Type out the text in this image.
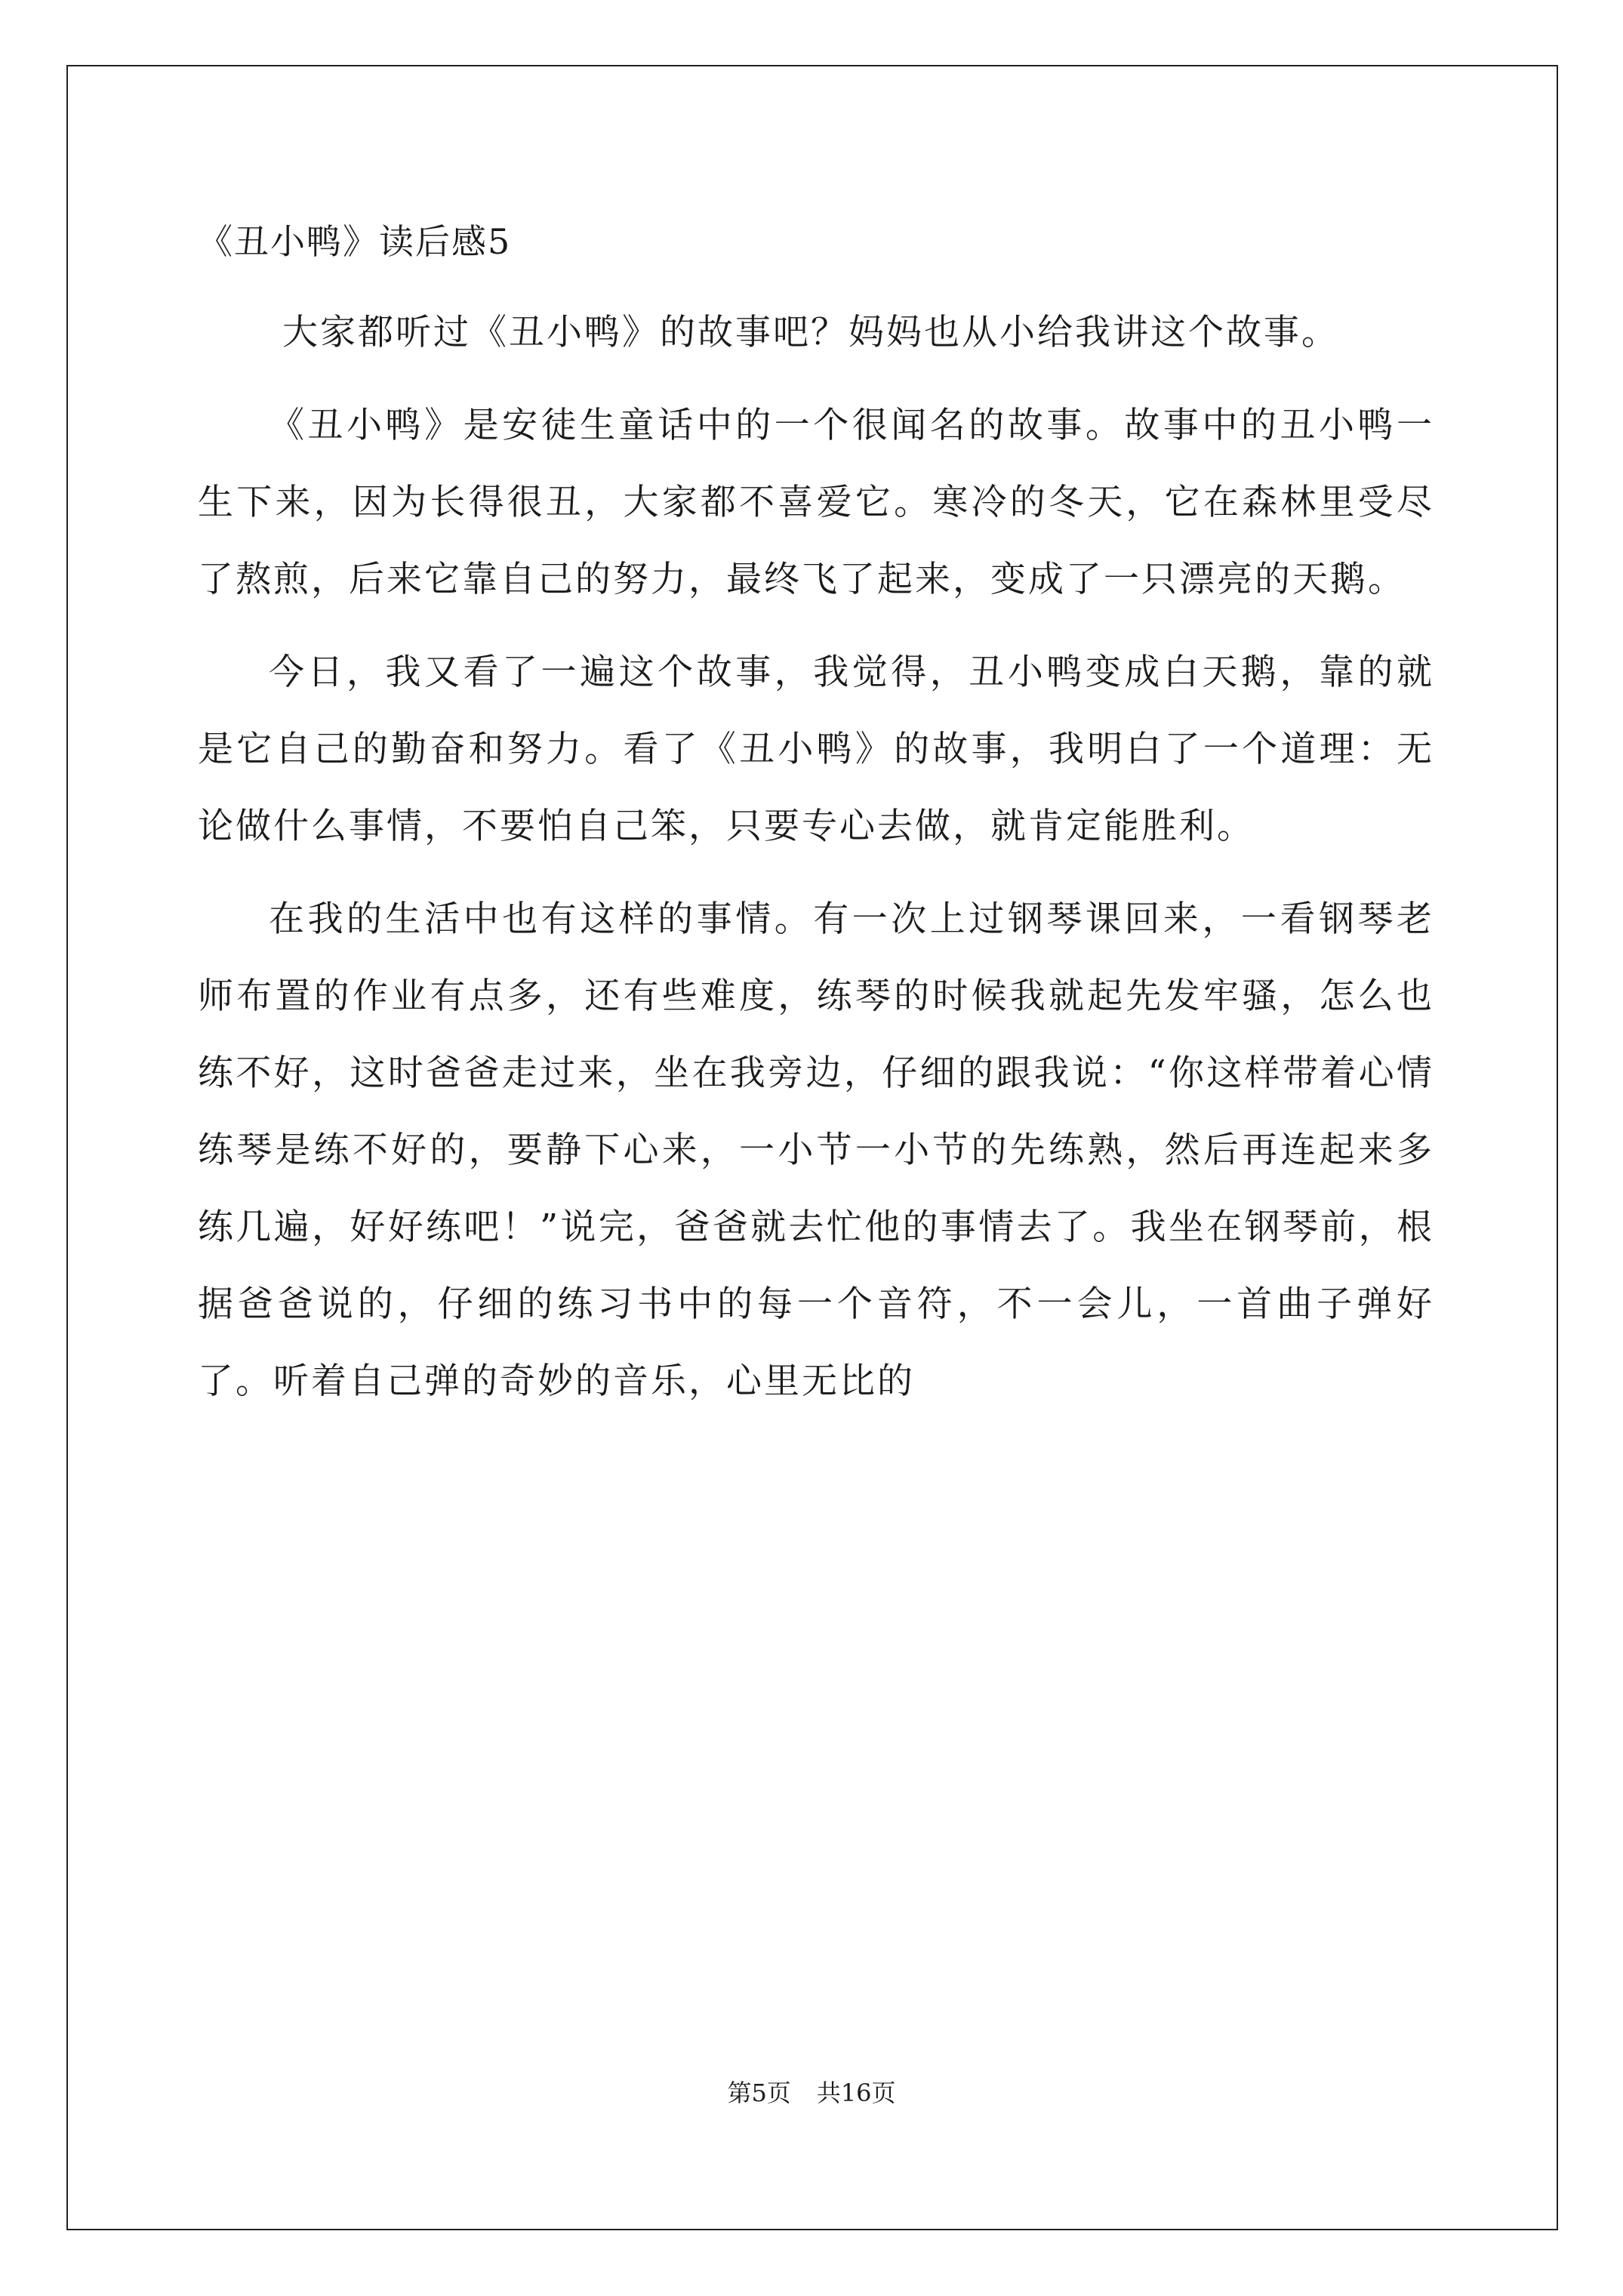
《丑小鸭》读后感5

大家都听过《丑小鸭》的故事吧？妈妈也从小给我讲这个故事。

《丑小鸭》是安徒生童话中的一个很闻名的故事。故事中的丑小鸭一生下来，因为长得很丑，大家都不喜爱它。寒冷的冬天，它在森林里受尽了熬煎，后来它靠自己的努力，最终飞了起来，变成了一只漂亮的天鹅。

今日，我又看了一遍这个故事，我觉得，丑小鸭变成白天鹅，靠的就是它自己的勤奋和努力。看了《丑小鸭》的故事，我明白了一个道理：无论做什么事情，不要怕自己笨，只要专心去做，就肯定能胜利。

在我的生活中也有这样的事情。有一次上过钢琴课回来，一看钢琴老师布置的作业有点多，还有些难度，练琴的时候我就起先发牢骚，怎么也练不好，这时爸爸走过来，坐在我旁边，仔细的跟我说：“你这样带着心情练琴是练不好的，要静下心来，一小节一小节的先练熟，然后再连起来多练几遍，好好练吧！”说完，爸爸就去忙他的事情去了。我坐在钢琴前，根据爸爸说的，仔细的练习书中的每一个音符，不一会儿，一首曲子弹好了。听着自己弹的奇妙的音乐，心里无比的

第5页 共16页
